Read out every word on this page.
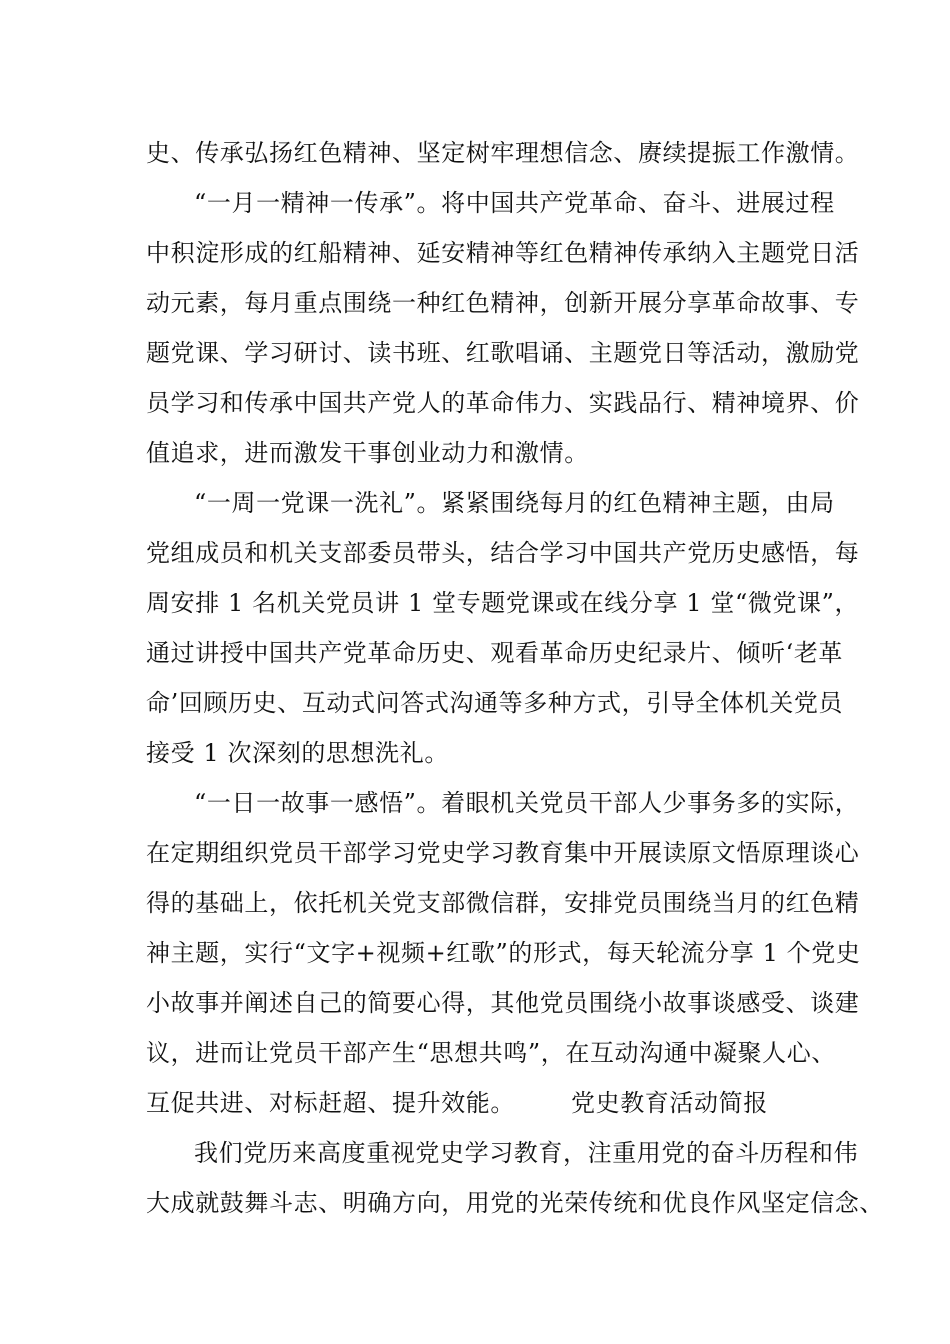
史、传承弘扬红色精神、坚定树牢理想信念、赓续提振工作激情。
“一月一精神一传承”。将中国共产党革命、奋斗、进展过程
中积淀形成的红船精神、延安精神等红色精神传承纳入主题党日活
动元素，每月重点围绕一种红色精神，创新开展分享革命故事、专
题党课、学习研讨、读书班、红歌唱诵、主题党日等活动，激励党
员学习和传承中国共产党人的革命伟力、实践品行、精神境界、价
值追求，进而激发干事创业动力和激情。
“一周一党课一洗礼”。紧紧围绕每月的红色精神主题，由局
党组成员和机关支部委员带头，结合学习中国共产党历史感悟，每
周安排 1 名机关党员讲 1 堂专题党课或在线分享 1 堂“微党课”，
通过讲授中国共产党革命历史、观看革命历史纪录片、倾听‘老革
命’回顾历史、互动式问答式沟通等多种方式，引导全体机关党员
接受 1 次深刻的思想洗礼。
“一日一故事一感悟”。着眼机关党员干部人少事务多的实际，
在定期组织党员干部学习党史学习教育集中开展读原文悟原理谈心
得的基础上，依托机关党支部微信群，安排党员围绕当月的红色精
神主题，实行“文字+视频+红歌”的形式，每天轮流分享 1 个党史
小故事并阐述自己的简要心得，其他党员围绕小故事谈感受、谈建
议，进而让党员干部产生“思想共鸣”，在互动沟通中凝聚人心、
互促共进、对标赶超、提升效能。 党史教育活动简报
我们党历来高度重视党史学习教育，注重用党的奋斗历程和伟
大成就鼓舞斗志、明确方向，用党的光荣传统和优良作风坚定信念、
